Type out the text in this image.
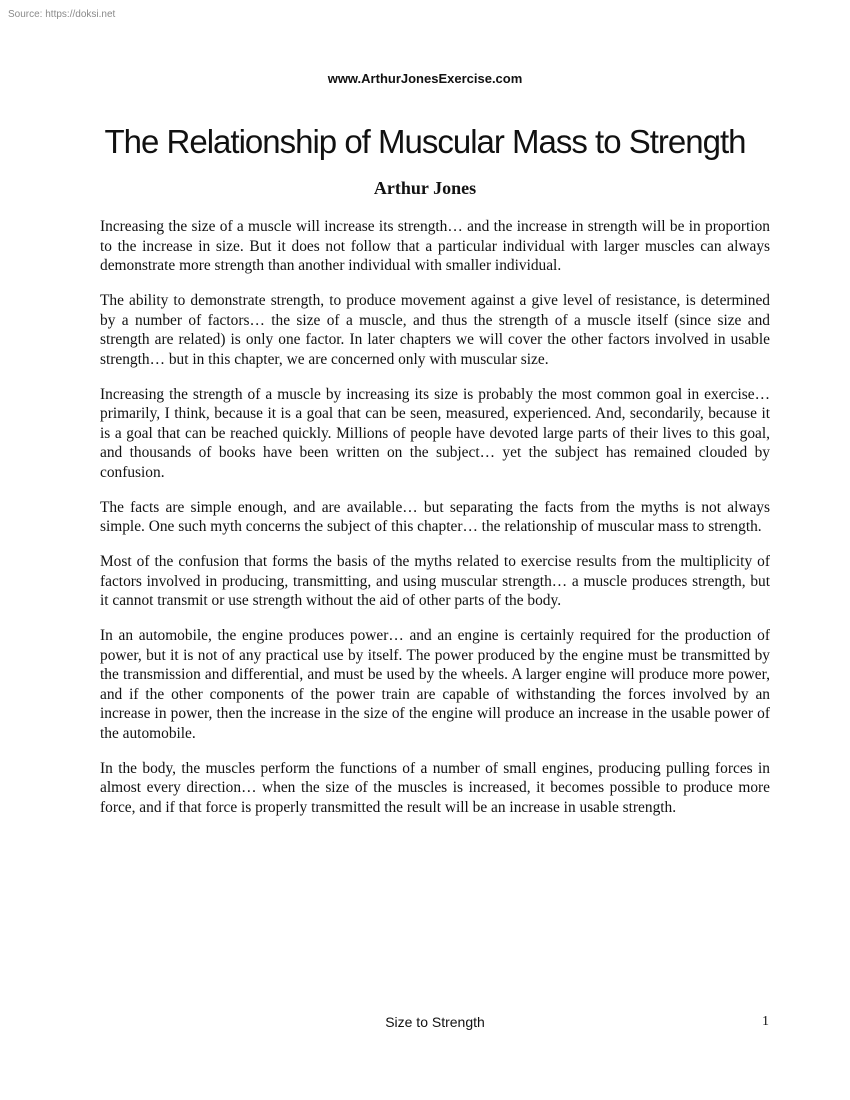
Source: https://doksi.net
www.ArthurJonesExercise.com
The Relationship of Muscular Mass to Strength
Arthur Jones

Increasing the size of a muscle will increase its strength… and the increase in strength will be in proportion to the increase in size. But it does not follow that a particular individual with larger muscles can always demonstrate more strength than another individual with smaller individual.

The ability to demonstrate strength, to produce movement against a give level of resistance, is determined by a number of factors… the size of a muscle, and thus the strength of a muscle itself (since size and strength are related) is only one factor. In later chapters we will cover the other factors involved in usable strength… but in this chapter, we are concerned only with muscular size.

Increasing the strength of a muscle by increasing its size is probably the most common goal in exercise… primarily, I think, because it is a goal that can be seen, measured, experienced. And, secondarily, because it is a goal that can be reached quickly. Millions of people have devoted large parts of their lives to this goal, and thousands of books have been written on the subject… yet the subject has remained clouded by confusion.

The facts are simple enough, and are available… but separating the facts from the myths is not always simple. One such myth concerns the subject of this chapter… the relationship of muscular mass to strength.

Most of the confusion that forms the basis of the myths related to exercise results from the multiplicity of factors involved in producing, transmitting, and using muscular strength… a muscle produces strength, but it cannot transmit or use strength without the aid of other parts of the body.

In an automobile, the engine produces power… and an engine is certainly required for the production of power, but it is not of any practical use by itself. The power produced by the engine must be transmitted by the transmission and differential, and must be used by the wheels. A larger engine will produce more power, and if the other components of the power train are capable of withstanding the forces involved by an increase in power, then the increase in the size of the engine will produce an increase in the usable power of the automobile.

In the body, the muscles perform the functions of a number of small engines, producing pulling forces in almost every direction… when the size of the muscles is increased, it becomes possible to produce more force, and if that force is properly transmitted the result will be an increase in usable strength.

Size to Strength	1
